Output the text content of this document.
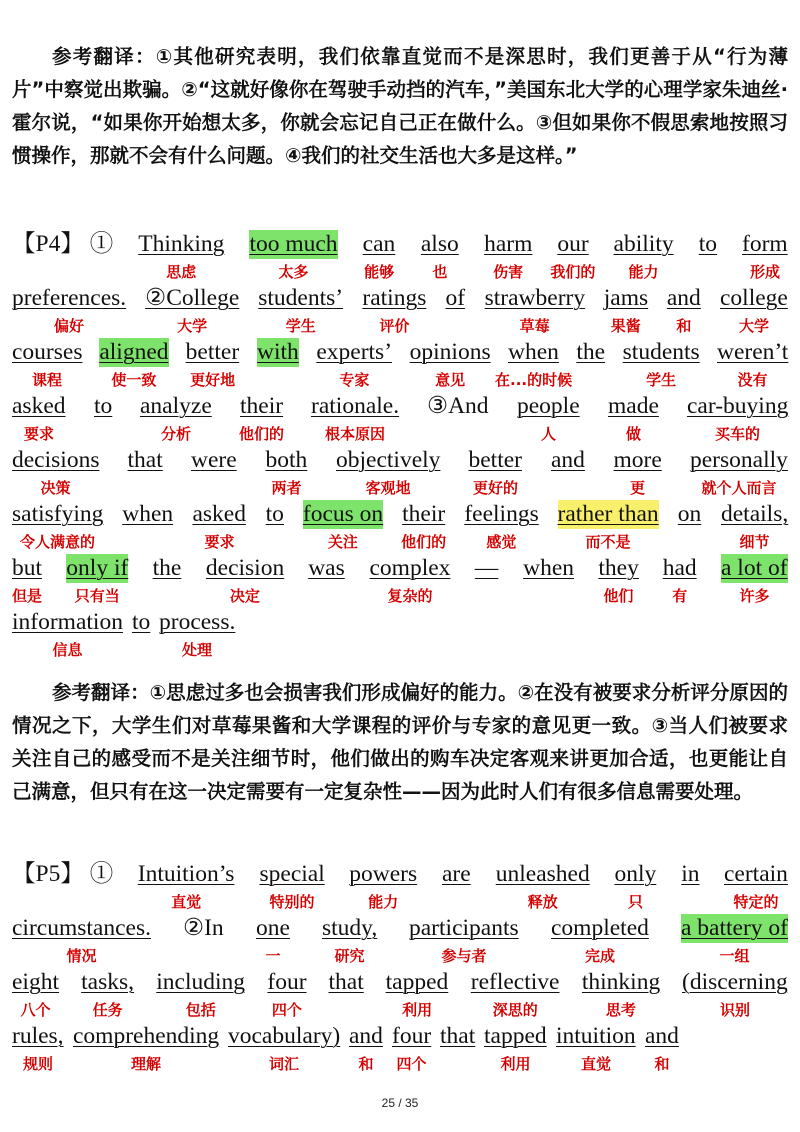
参考翻译：①其他研究表明，我们依靠直觉而不是深思时，我们更善于从“行为薄片”中察觉出欺骗。②“这就好像你在驾驶手动挡的汽车，”美国东北大学的心理学家朱迪丝·霍尔说，“如果你开始想太多，你就会忘记自己正在做什么。③但如果你不假思索地按照习惯操作，那就不会有什么问题。④我们的社交生活也大多是这样。”

【P4】 ① Thinking too much can also harm our ability to form
思虑	太多	能够	也	伤害 我们的 能力	形成
preferences. ②College students’ ratings of strawberry jams and college
偏好	大学	学生	评价	草莓	果酱 和	大学
courses aligned better with experts’ opinions when the students weren’t
课程	使一致 更好地	专家	意见 在...的时候	学生	没有
asked to analyze their rationale. ③And people made car-buying
要求	分析	他们的	根本原因	人	做	买车的
decisions that were both objectively better and more personally
决策	两者	客观地	更好的	更	就个人而言
satisfying when asked to focus on their feelings rather than on details,
令人满意的	要求	关注	他们的	感觉	而不是	细节
but only if the decision was complex — when they had a lot of
但是 只有当	决定	复杂的	他们	有	许多
information to process.
信息	处理

参考翻译：①思虑过多也会损害我们形成偏好的能力。②在没有被要求分析评分原因的情况之下，大学生们对草莓果酱和大学课程的评价与专家的意见更一致。③当人们被要求关注自己的感受而不是关注细节时，他们做出的购车决定客观来讲更加合适，也更能让自己满意，但只有在这一决定需要有一定复杂性——因为此时人们有很多信息需要处理。

【P5】 ① Intuition’s special powers are unleashed only in certain
直觉	特别的	能力	释放	只	特定的
circumstances. ②In one study, participants completed a battery of
情况	一	研究	参与者	完成	一组
eight tasks, including four that tapped reflective thinking (discerning
八个	任务	包括	四个	利用	深思的	思考	识别
rules, comprehending vocabulary) and four that tapped intuition and
规则	理解	词汇	和 四个	利用	直觉	和
25 / 35
